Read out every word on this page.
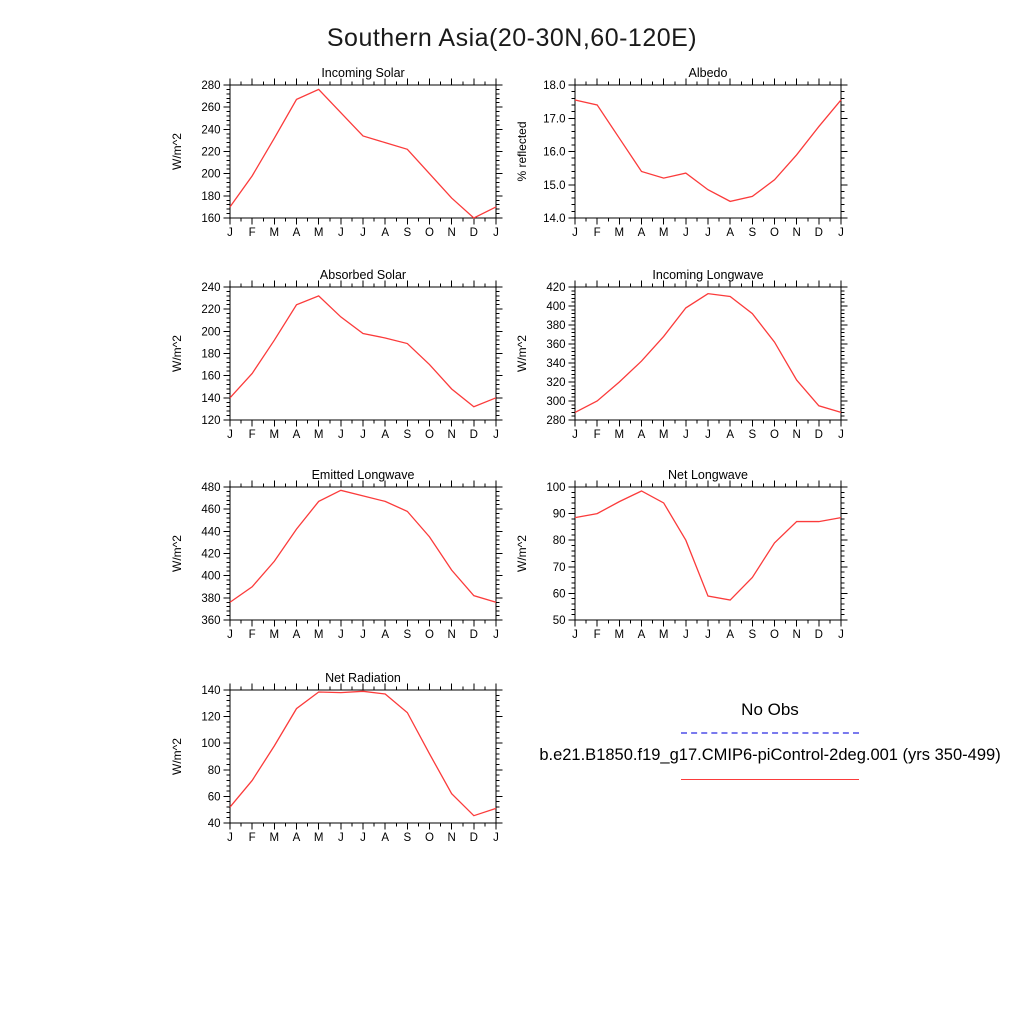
Southern Asia(20-30N,60-120E)
J F M A M J J A S O N D J
160
180
200
220
240
260
280
Incoming Solar
W/m^2
J F M A M J J A S O N D J
14.0
15.0
16.0
17.0
18.0
Albedo
% reflected
J F M A M J J A S O N D J
120
140
160
180
200
220
240
Absorbed Solar
W/m^2
J F M A M J J A S O N D J
280
300
320
340
360
380
400
420
Incoming Longwave
W/m^2
J F M A M J J A S O N D J
360
380
400
420
440
460
480
Emitted Longwave
W/m^2
J F M A M J J A S O N D J
50
60
70
80
90
100
Net Longwave
W/m^2
J F M A M J J A S O N D J
40
60
80
100
120
140
Net Radiation
W/m^2
No Obs
b.e21.B1850.f19_g17.CMIP6-piControl-2deg.001 (yrs 350-499)
